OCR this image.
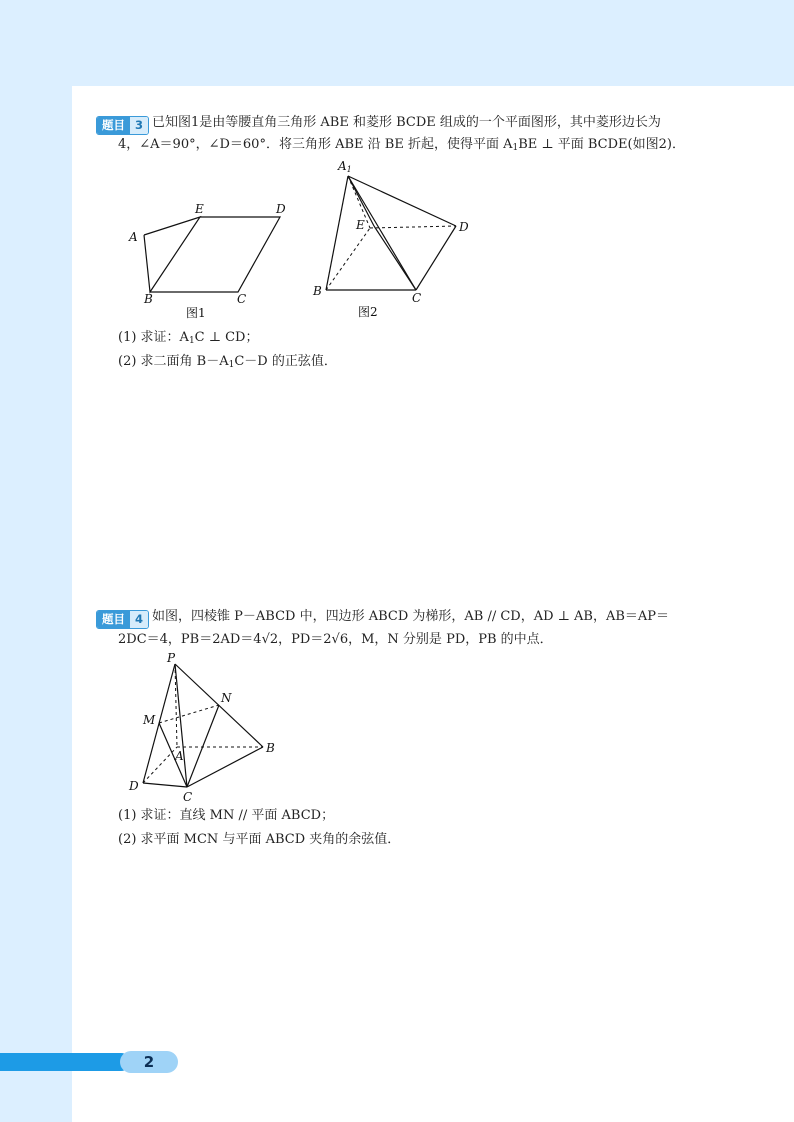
题目 3 已知图1是由等腰直角三角形 ABE 和菱形 BCDE 组成的一个平面图形，其中菱形边长为
4，∠A＝90°，∠D＝60°．将三角形 ABE 沿 BE 折起，使得平面 $A_1BE$ ⊥ 平面 BCDE(如图2)．
A
E	D
B	C
图1
A1
E	D
B	C
图2
(1) 求证：$A_1C$ ⊥ CD；
(2) 求二面角 $B-A_1C-D$ 的正弦值．
题目 4 如图，四棱锥 P－ABCD 中，四边形 ABCD 为梯形，AB // CD，AD ⊥ AB，AB＝AP＝
2DC＝4，PB＝2AD＝4√2，PD＝2√6，M，N 分别是 PD，PB 的中点．
P
N
M
A
B
D
C
(1) 求证：直线 MN // 平面 ABCD；
(2) 求平面 MCN 与平面 ABCD 夹角的余弦值．
2
